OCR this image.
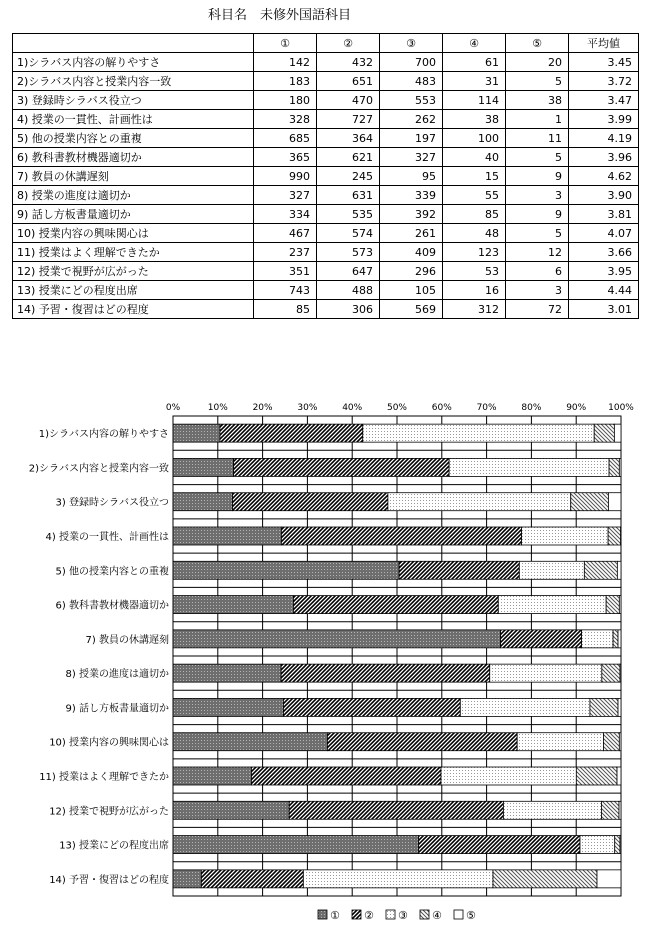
科目名　 未修外国語科目
	①	②	③	④	⑤	平均値
1)シラバス内容の解りやすさ	142	432	700	61	20	3.45
2)シラバス内容と授業内容一致	183	651	483	31	5	3.72
3) 登録時シラバス役立つ	180	470	553	114	38	3.47
4) 授業の一貫性、計画性は	328	727	262	38	1	3.99
5) 他の授業内容との重複	685	364	197	100	11	4.19
6) 教科書教材機器適切か	365	621	327	40	5	3.96
7) 教員の休講遅刻	990	245	95	15	9	4.62
8) 授業の進度は適切か	327	631	339	55	3	3.90
9) 話し方板書量適切か	334	535	392	85	9	3.81
10) 授業内容の興味関心は	467	574	261	48	5	4.07
11) 授業はよく理解できたか	237	573	409	123	12	3.66
12) 授業で視野が広がった	351	647	296	53	6	3.95
13) 授業にどの程度出席	743	488	105	16	3	4.44
14) 予習・復習はどの程度	85	306	569	312	72	3.01
0%	10%	20%	30%	40%	50%	60%	70%	80%	90% 100%
1)シラバス内容の解りやすさ
2)シラバス内容と授業内容一致
3) 登録時シラバス役立つ
4) 授業の一貫性、計画性は
5) 他の授業内容との重複
6) 教科書教材機器適切か
7) 教員の休講遅刻
8) 授業の進度は適切か
9) 話し方板書量適切か
10) 授業内容の興味関心は
11) 授業はよく理解できたか
12) 授業で視野が広がった
13) 授業にどの程度出席
14) 予習・復習はどの程度
① ② ③ ④ ⑤
